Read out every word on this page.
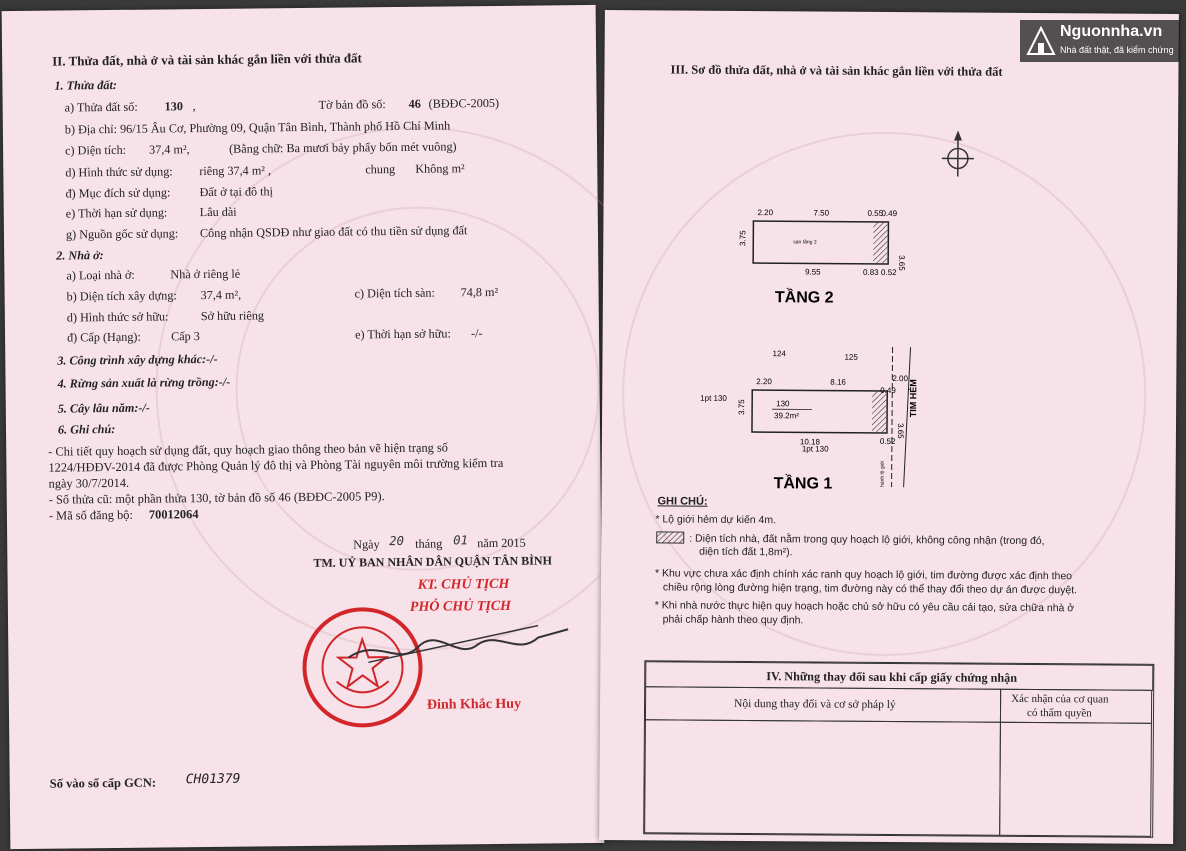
II. Thửa đất, nhà ở và tài sản khác gắn liền với thửa đất
1. Thửa đất:
a) Thửa đất số: 130 ,	Tờ bản đồ số: 46 (BĐĐC-2005)
b) Địa chỉ: 96/15 Âu Cơ, Phường 09, Quận Tân Bình, Thành phố Hồ Chí Minh
c) Diện tích: 37,4 m²,	(Bằng chữ: Ba mươi bảy phẩy bốn mét vuông)
d) Hình thức sử dụng: riêng 37,4 m² ,	chung Không m²
đ) Mục đích sử dụng: Đất ở tại đô thị
e) Thời hạn sử dụng:	Lâu dài
g) Nguồn gốc sử dụng: Công nhận QSDĐ như giao đất có thu tiền sử dụng đất
2. Nhà ở:
a) Loại nhà ở:	Nhà ở riêng lẻ
b) Diện tích xây dựng: 37,4 m²,	c) Diện tích sàn: 74,8 m²
d) Hình thức sở hữu:	Sở hữu riêng
đ) Cấp (Hạng): Cấp 3	e) Thời hạn sở hữu: -/-
3. Công trình xây dựng khác:-/-
4. Rừng sản xuất là rừng trồng:-/-
5. Cây lâu năm:-/-
6. Ghi chú:
- Chi tiết quy hoạch sử dụng đất, quy hoạch giao thông theo bản vẽ hiện trạng số
1224/HĐĐV-2014 đã được Phòng Quản lý đô thị và Phòng Tài nguyên môi trường kiểm tra
ngày 30/7/2014.
- Số thửa cũ: một phần thửa 130, tờ bản đồ số 46 (BĐĐC-2005 P9).
- Mã số đăng bộ: 70012064
Ngày 20 tháng 01 năm 2015
TM. UỶ BAN NHÂN DÂN QUẬN TÂN BÌNH
KT. CHỦ TỊCH
PHÓ CHỦ TỊCH
Đinh Khắc Huy
Số vào sổ cấp GCN: CH01379
III. Sơ đồ thửa đất, nhà ở và tài sản khác gắn liền với thửa đất
2.20	7.50	0.55
0.49
3.75
3.65
9.55	0.83 0.52
sàn tầng 2
TẦNG 2
124	125
1pt 130
1pt 130
2.20	8.16	2.00
0.49
3.75
3.65
10.18	0.52
130
39.2m²	TIM HẺM
hành lộ giới
TẦNG 1
GHI CHÚ:
* Lộ giới hẻm dự kiến 4m.
: Diện tích nhà, đất nằm trong quy hoạch lộ giới, không công nhận (trong đó,
diện tích đất 1,8m²).
* Khu vực chưa xác định chính xác ranh quy hoạch lộ giới, tim đường được xác định theo
chiều rộng lòng đường hiện trạng, tim đường này có thể thay đổi theo dự án được duyệt.
* Khi nhà nước thực hiện quy hoạch hoặc chủ sở hữu có yêu cầu cải tạo, sửa chữa nhà ở
phải chấp hành theo quy định.
IV. Những thay đổi sau khi cấp giấy chứng nhận
Nội dung thay đổi và cơ sở pháp lý	Xác nhận của cơ quan
có thẩm quyền
Nguonnha.vn
Nhà đất thật, đã kiểm chứng
